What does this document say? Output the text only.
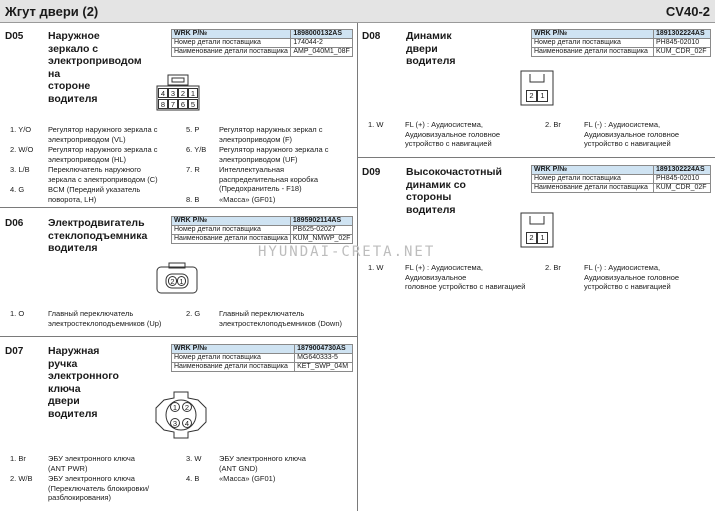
Жгут двери (2)	CV40-2
D05 Наружное зеркало с
электроприводом на
стороне водителя
WRK P/№	1898000132AS
Номер детали поставщика	174044-2
Наименование детали поставщика	AMP_040M1_08F
4 3 2 1
8 7 6 5
1. Y/O Регулятор наружного зеркала с
электроприводом (VL)
2. W/O Регулятор наружного зеркала с
электроприводом (HL)
3. L/B Переключатель наружного
зеркала с электроприводом (C)
4. G	BCM (Передний указатель
поворота, LH)
5. P	Регулятор наружных зеркал с
электроприводом (F)
6. Y/B Регулятор наружного зеркала с
электроприводом (UF)
7. R	Интеллектуальная
распределительная коробка
(Предохранитель - F18)
8. B	«Масса» (GF01)
D06 Электродвигатель
стеклоподъемника
водителя
WRK P/№	1895902114AS
Номер детали поставщика	PB625-02027
Наименование детали поставщика	KUM_NMWP_02F
2 1
1. O	Главный переключатель
электростеклоподъемников (Up)
2. G	Главный переключатель
электростеклоподъемников (Down)
D07 Наружная ручка
электронного ключа
двери водителя
WRK P/№	1879004730AS
Номер детали поставщика	MG640333-5
Наименование детали поставщика	KET_SWP_04M
1	2
3	4
1. Br	ЭБУ электронного ключа
(ANT PWR)
2. W/B ЭБУ электронного ключа
(Переключатель блокировки/
разблокирования)
3. W ЭБУ электронного ключа
(ANT GND)
4. B	«Масса» (GF01)
D08 Динамик двери
водителя
WRK P/№	1891302224AS
Номер детали поставщика	PH845-02010
Наименование детали поставщика	KUM_CDR_02F
2 1
1. W	FL (+) : Аудиосистема,
Аудиовизуальное головное
устройство с навигацией
2. Br	FL (-) : Аудиосистема,
Аудиовизуальное головное
устройство с навигацией
D09 Высокочастотный
динамик со стороны
водителя
WRK P/№	1891302224AS
Номер детали поставщика	PH845-02010
Наименование детали поставщика	KUM_CDR_02F
2 1
1. W	FL (+) : Аудиосистема,
Аудиовизуальное
головное устройство с навигацией
2. Br	FL (-) : Аудиосистема,
Аудиовизуальное головное
устройство с навигацией
HYUNDAI-CRETA.NET
